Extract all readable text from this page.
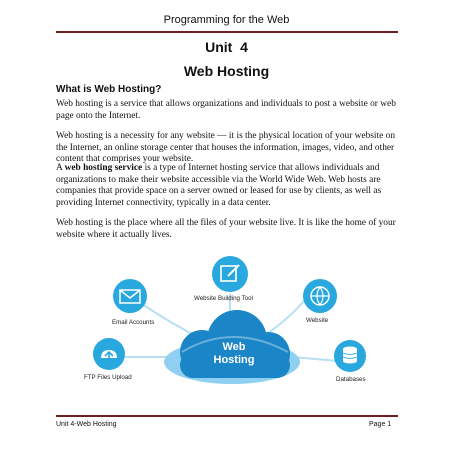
Programming for the Web
Unit  4
Web Hosting
What is Web Hosting?

Web hosting is a service that allows organizations and individuals to post a website or web page onto the Internet.

Web hosting is a necessity for any website — it is the physical location of your website on the Internet, an online storage center that houses the information, images, video, and other content that comprises your website.

A web hosting service is a type of Internet hosting service that allows individuals and organizations to make their website accessible via the World Wide Web. Web hosts are companies that provide space on a server owned or leased for use by clients, as well as providing Internet connectivity, typically in a data center.

Web hosting is the place where all the files of your website live. It is like the home of your website where it actually lives.

Web
Hosting
Website Building Tool
Email Accounts	Website
FTP Files Upload	Databases
Unit 4-Web Hosting	Page 1
